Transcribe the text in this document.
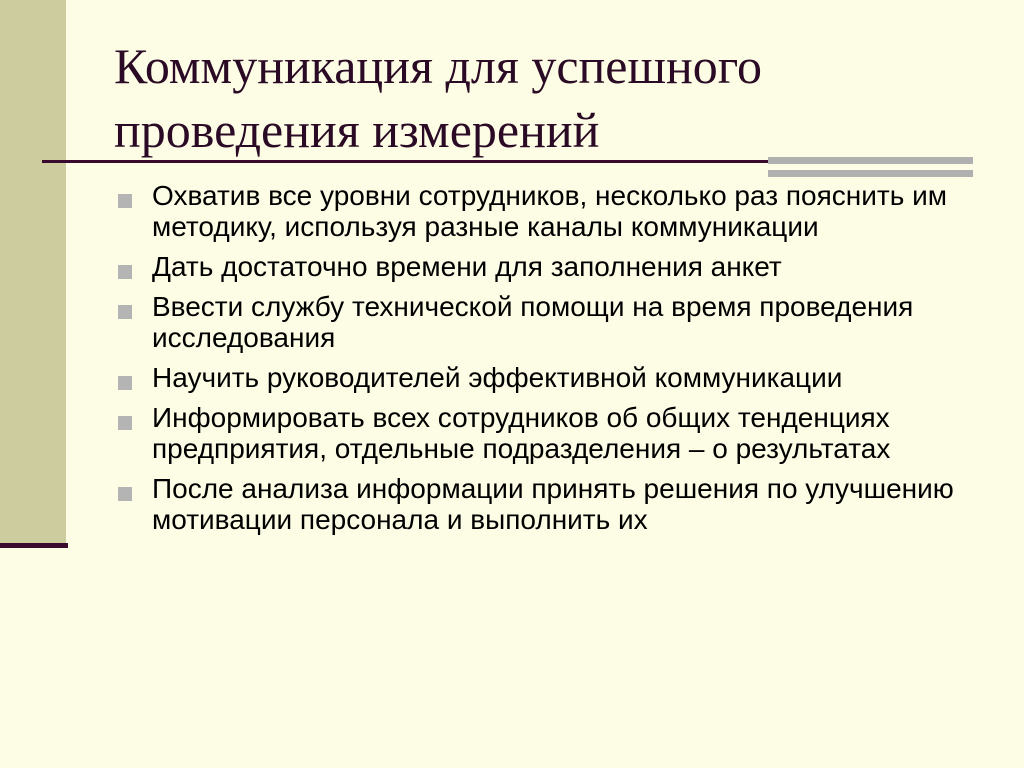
Коммуникация для успешного проведения измерений
Охватив все уровни сотрудников, несколько раз пояснить им методику, используя разные каналы коммуникации
Дать достаточно времени для заполнения анкет
Ввести службу технической помощи на время проведения исследования
Научить руководителей эффективной коммуникации
Информировать всех сотрудников об общих тенденциях предприятия, отдельные подразделения – о результатах
После анализа информации принять решения по улучшению мотивации персонала и выполнить их
